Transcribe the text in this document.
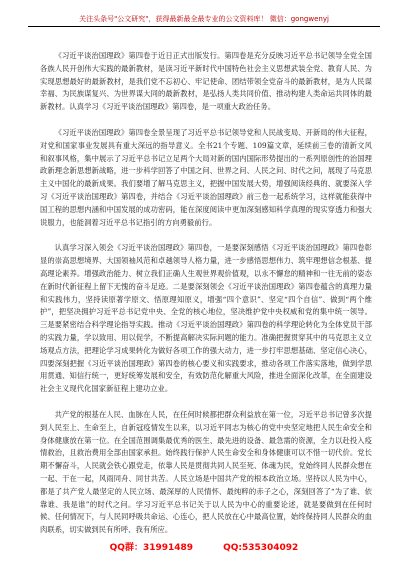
关注头条号"公文研究"，获得最新最全最专业的公文资料库！ 微信：gongwenyj

《习近平谈治国理政》第四卷于近日正式出版发行。第四卷是充分反映习近平总书记领导全党全国各族人民开创伟大实践的最新教材，是读习近平新时代中国特色社会主义思想武装全党、教育人民、为实现思想最好的最新教材，是我们党不忘初心、牢记使命、团结带领全党奋斗的最新教材，是为人民谋幸福、为民族谋复兴、为世界谋大同的最新教材，是弘扬人类共同价值、推动构建人类命运共同体的最新教材。认真学习《习近平谈治国理政》第四卷，是一项重大政治任务。

《习近平谈治国理政》第四卷全景呈现了习近平总书记领导党和人民战变局、开新局的伟大征程，对党和国家事业发展具有重大深远的指导意义。全书21个专题、109篇文章，延续前三卷的清新文风和叙事风格，集中展示了习近平总书记立足两个大局对新的国内国际形势提出的一系列原创性的治国理政新理念新思想新战略，进一步科学回答了中国之问、世界之问、人民之问、时代之问，展现了马克思主义中国化的最新成果。我们要增了解马克思主义，把握中国发展大势，增强阅读经典的、就要深入学习《习近平谈治国理政》第四卷，并结合《习近平谈治国理政》前三卷一起系统学习，这样就能获得中国工程的思想内涵和中国发展的成功密码，能在深度阅读中更加深刻感知科学真理的现实穿透力和强大说服力，也能洞着习近平总书记指引的方向勇毅前行。

认真学习深入领会《习近平谈治国理政》第四卷，一是要深刻感悟《习近平谈治国理政》第四卷彰显的崇高思想境界、大国领袖风范和卓越领导人格力量，进一步感悟思想伟力、筑牢理想信念根基、提高理论素养。增强政治能力、树立我们正确人生观世界观价值观，以永不懈怠的精神和一往无前的姿态在新时代新征程上留下无愧的奋斗足迹。二是要深刻领会《习近平谈治国理政》第四卷蕴含的真理力量和实践伟力，坚持读原著学原文、悟原理知原义，增强“四个意识”、坚定“四个自信”、做到“两个维护”，把坚决拥护习近平总书记党中央、全党的核心地位，坚决维护党中央权威和党的集中统一领导。三是要紧密结合科学理论指导实践。推动《习近平谈治国理政》第四卷的科学理论转化为全体党员干部的实践力量，学以致用、用以促学，不断提高解决实际问题的能力。准确把握贯穿其中的马克思主义立场观点方法，把理论学习成果转化为做好各项工作的强大动力，进一步打牢思想基础、坚定信心决心，四要深刻把握《习近平谈治国理政》第四卷的核心要义和实践要求，推动各项工作落实落地，做到学思用贯通、知信行统一，更好统筹发展和安全，有效防范化解重大风险，推进全面深化改革，在全面建设社会主义现代化国家新征程上建功立业。

共产党的根基在人民、血脉在人民，在任何时候都把群众利益放在第一位，习近平总书记曾多次提到人民至上、生命至上，自新冠疫情发生以来，以习近平同志为核心的党中央坚定地把人民生命安全和身体健康放在第一位。在全国范围调集最优秀的医生、最先进的设备、最急需的资源，全力以赴投入疫情救治，且救治费用全部由国家承担。始终践行保护人民生命安全和身体健康可以不惜一切代价。党长期不懈奋斗，人民就会铁心跟党走，依靠人民是贯彻共同人民至死、体魂为民，党始终同人民群众想在一起、干在一起，风雨同舟、同甘共苦。人民立场是中国共产党的根本政治立场。坚持以人民为中心，都是了共产党人最坚定的人民立场、最深厚的人民情怀、最纯粹的赤子之心，深刻回答了“为了谁、依靠谁、我是谁”的时代之问。学习习近平总书记关于以人民为中心的重要论述，就是要做到在任何时候、任何情况下，与人民同呼吸共命运、心连心，把人民放在心中最高位置，始终保持同人民群众的血肉联系，切实做到民有所呼、我有所应。

QQ群：31991489	QQ:535304092
